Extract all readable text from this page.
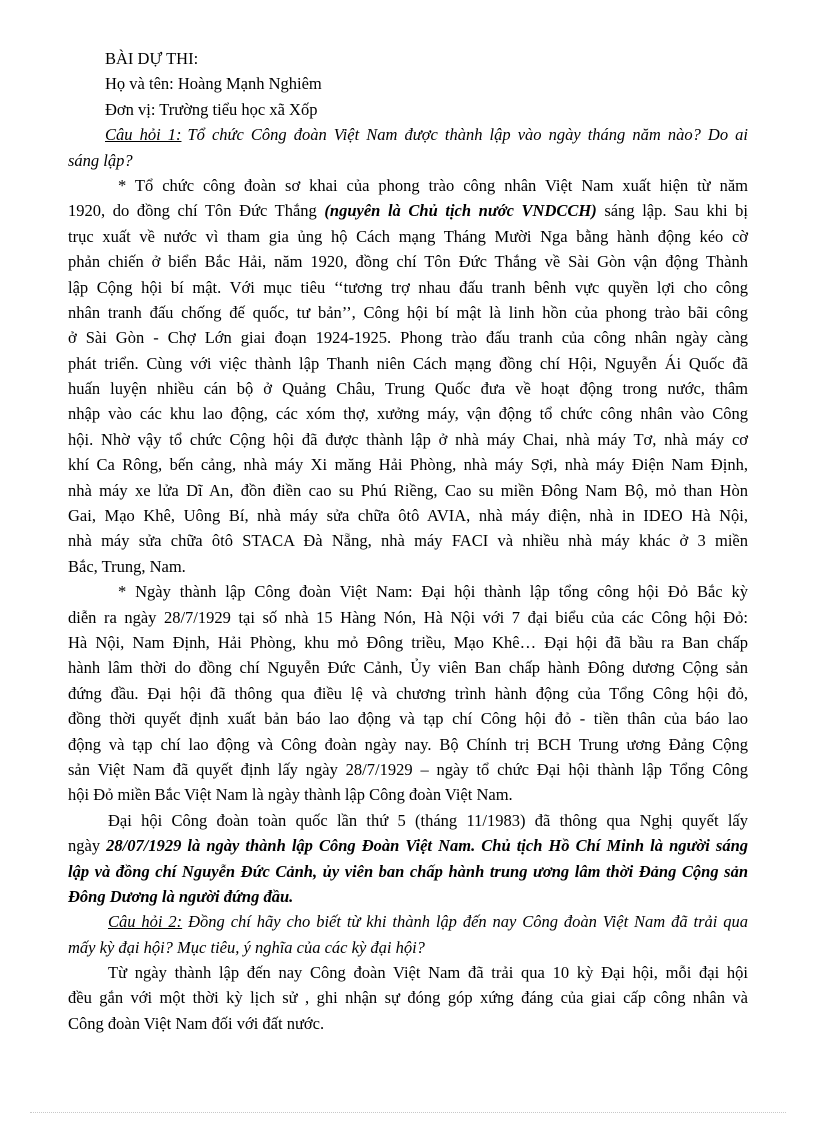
BÀI DỰ THI:
Họ và tên: Hoàng Mạnh Nghiêm
Đơn vị: Trường tiểu học xã Xốp
Câu hỏi 1: Tổ chức Công đoàn Việt Nam được thành lập vào ngày tháng năm nào? Do ai
sáng lập?
* Tổ chức công đoàn sơ khai của phong trào công nhân Việt Nam xuất hiện từ năm
1920, do đồng chí Tôn Đức Thắng (nguyên là Chủ tịch nước VNDCCH) sáng lập. Sau khi bị
trục xuất về nước vì tham gia ủng hộ Cách mạng Tháng Mười Nga bằng hành động kéo cờ
phản chiến ở biển Bắc Hải, năm 1920, đồng chí Tôn Đức Thắng về Sài Gòn vận động Thành
lập Cộng hội bí mật. Với mục tiêu ‘‘tương trợ nhau đấu tranh bênh vực quyền lợi cho công
nhân tranh đấu chống đế quốc, tư bản’’, Công hội bí mật là linh hồn của phong trào bãi công
ở Sài Gòn - Chợ Lớn giai đoạn 1924-1925. Phong trào đấu tranh của công nhân ngày càng
phát triển. Cùng với việc thành lập Thanh niên Cách mạng đồng chí Hội, Nguyễn Ái Quốc đã
huấn luyện nhiều cán bộ ở Quảng Châu, Trung Quốc đưa về hoạt động trong nước, thâm
nhập vào các khu lao động, các xóm thợ, xưởng máy, vận động tổ chức công nhân vào Công
hội. Nhờ vậy tổ chức Cộng hội đã được thành lập ở nhà máy Chai, nhà máy Tơ, nhà máy cơ
khí Ca Rông, bến cảng, nhà máy Xi măng Hải Phòng, nhà máy Sợi, nhà máy Điện Nam Định,
nhà máy xe lửa Dĩ An, đồn điền cao su Phú Riềng, Cao su miền Đông Nam Bộ, mỏ than Hòn
Gai, Mạo Khê, Uông Bí, nhà máy sửa chữa ôtô AVIA, nhà máy điện, nhà in IDEO Hà Nội,
nhà máy sửa chữa ôtô STACA Đà Nẵng, nhà máy FACI và nhiều nhà máy khác ở 3 miền
Bắc, Trung, Nam.
* Ngày thành lập Công đoàn Việt Nam: Đại hội thành lập tổng công hội Đỏ Bắc kỳ
diễn ra ngày 28/7/1929 tại số nhà 15 Hàng Nón, Hà Nội với 7 đại biểu của các Công hội Đỏ:
Hà Nội, Nam Định, Hải Phòng, khu mỏ Đông triều, Mạo Khê… Đại hội đã bầu ra Ban chấp
hành lâm thời do đồng chí Nguyễn Đức Cảnh, Ủy viên Ban chấp hành Đông dương Cộng sản
đứng đầu. Đại hội đã thông qua điều lệ và chương trình hành động của Tổng Công hội đỏ,
đồng thời quyết định xuất bản báo lao động và tạp chí Công hội đỏ - tiền thân của báo lao
động và tạp chí lao động và Công đoàn ngày nay. Bộ Chính trị BCH Trung ương Đảng Cộng
sản Việt Nam đã quyết định lấy ngày 28/7/1929 – ngày tổ chức Đại hội thành lập Tổng Công
hội Đỏ miền Bắc Việt Nam là ngày thành lập Công đoàn Việt Nam.
Đại hội Công đoàn toàn quốc lần thứ 5 (tháng 11/1983) đã thông qua Nghị quyết lấy
ngày 28/07/1929 là ngày thành lập Công Đoàn Việt Nam. Chủ tịch Hồ Chí Minh là người sáng
lập và đồng chí Nguyễn Đức Cảnh, ủy viên ban chấp hành trung ương lâm thời Đảng Cộng sản
Đông Dương là người đứng đầu.
Câu hỏi 2: Đồng chí hãy cho biết từ khi thành lập đến nay Công đoàn Việt Nam đã trải qua
mấy kỳ đại hội? Mục tiêu, ý nghĩa của các kỳ đại hội?
Từ ngày thành lập đến nay Công đoàn Việt Nam đã trải qua 10 kỳ Đại hội, mỗi đại hội
đều gắn với một thời kỳ lịch sử , ghi nhận sự đóng góp xứng đáng của giai cấp công nhân và
Công đoàn Việt Nam đối với đất nước.
